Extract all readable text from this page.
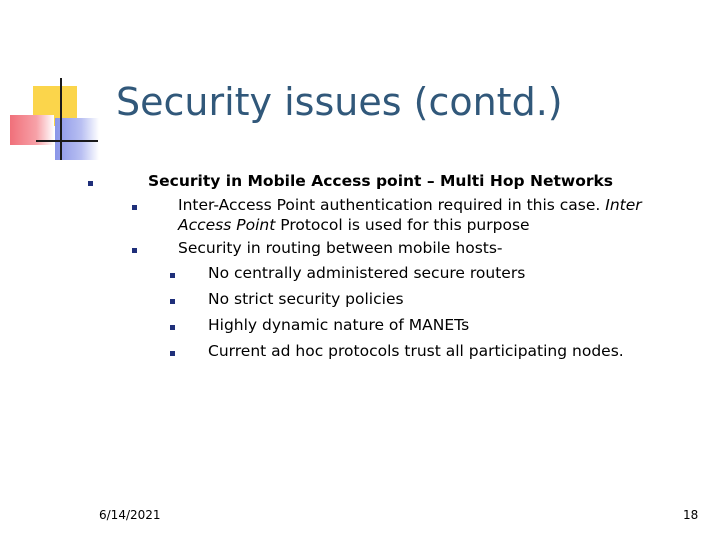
Security issues (contd.)
Security in Mobile Access point – Multi Hop Networks
Inter-Access Point authentication required in this case. Inter
Access Point Protocol is used for this purpose
Security in routing between mobile hosts-
No centrally administered secure routers
No strict security policies
Highly dynamic nature of MANETs
Current ad hoc protocols trust all participating nodes.
6/14/2021	18
